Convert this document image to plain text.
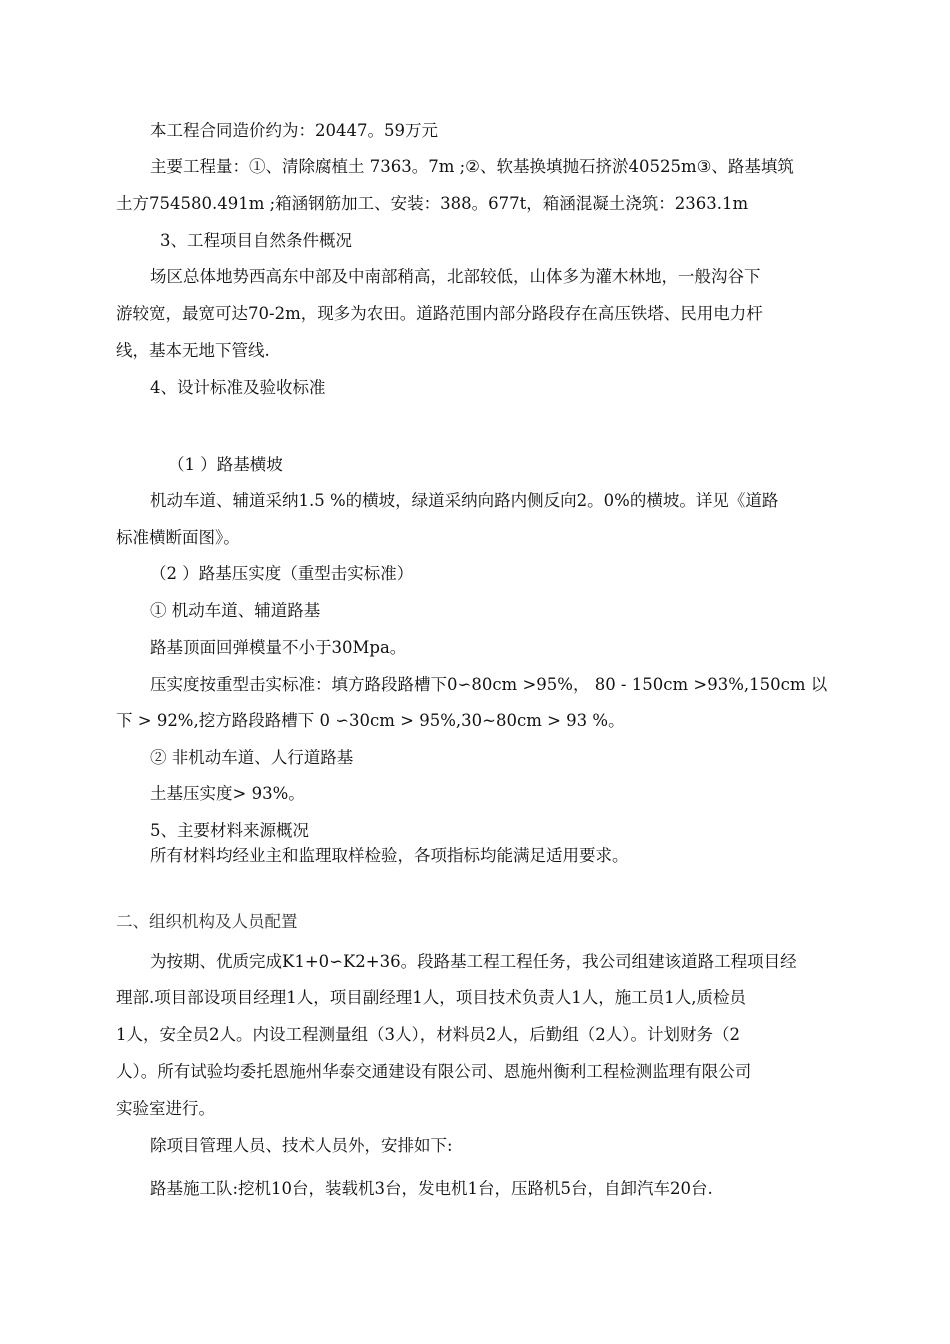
本工程合同造价约为：20447。59万元
主要工程量：①、清除腐植土 7363。7m ;②、软基换填抛石挤淤40525m③、路基填筑
土方754580.491m ;箱涵钢筋加工、安装：388。677t，箱涵混凝土浇筑：2363.1m
3、工程项目自然条件概况
场区总体地势西高东中部及中南部稍高，北部较低，山体多为灌木林地，一般沟谷下
游较宽，最宽可达70-2m，现多为农田。道路范围内部分路段存在高压铁塔、民用电力杆
线，基本无地下管线.
4、设计标准及验收标准
（1 ）路基横坡
机动车道、辅道采纳1.5 %的横坡，绿道采纳向路内侧反向2。0%的横坡。详见《道路
标准横断面图》。
（2 ）路基压实度（重型击实标准）
① 机动车道、辅道路基
路基顶面回弹模量不小于30Mpa。
压实度按重型击实标准：填方路段路槽下0∽80cm >95%， 80 - 150cm >93%,150cm 以
下 > 92%,挖方路段路槽下 0 ∽30cm > 95%,30~80cm > 93 %。
② 非机动车道、人行道路基
土基压实度> 93%。
5、主要材料来源概况
所有材料均经业主和监理取样检验，各项指标均能满足适用要求。
二、组织机构及人员配置
为按期、优质完成K1+0∽K2+36。段路基工程工程任务，我公司组建该道路工程项目经
理部.项目部设项目经理1人，项目副经理1人，项目技术负责人1人，施工员1人,质检员
1人，安全员2人。内设工程测量组（3人），材料员2人，后勤组（2人）。计划财务（2
人）。所有试验均委托恩施州华泰交通建设有限公司、恩施州衡利工程检测监理有限公司
实验室进行。
除项目管理人员、技术人员外，安排如下:
路基施工队:挖机10台，装载机3台，发电机1台，压路机5台，自卸汽车20台.
